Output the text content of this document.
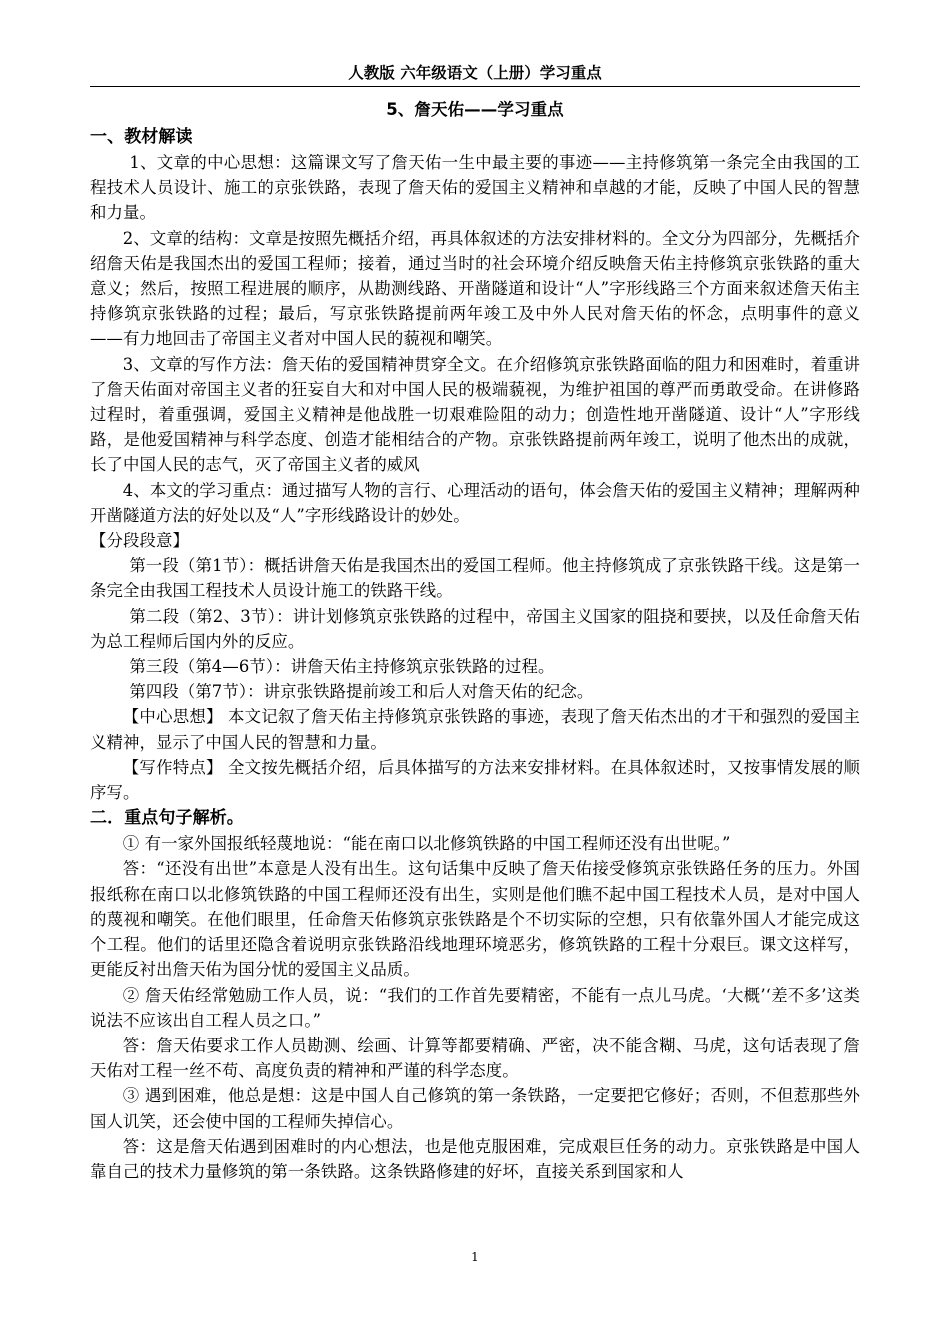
人教版 六年级语文（上册）学习重点
5、詹天佑——学习重点
一、教材解读

1、文章的中心思想：这篇课文写了詹天佑一生中最主要的事迹——主持修筑第一条完全由我国的工程技术人员设计、施工的京张铁路，表现了詹天佑的爱国主义精神和卓越的才能，反映了中国人民的智慧和力量。

2、文章的结构：文章是按照先概括介绍，再具体叙述的方法安排材料的。全文分为四部分，先概括介绍詹天佑是我国杰出的爱国工程师；接着，通过当时的社会环境介绍反映詹天佑主持修筑京张铁路的重大意义；然后，按照工程进展的顺序，从勘测线路、开凿隧道和设计“人”字形线路三个方面来叙述詹天佑主持修筑京张铁路的过程；最后，写京张铁路提前两年竣工及中外人民对詹天佑的怀念，点明事件的意义——有力地回击了帝国主义者对中国人民的藐视和嘲笑。

3、文章的写作方法：詹天佑的爱国精神贯穿全文。在介绍修筑京张铁路面临的阻力和困难时，着重讲了詹天佑面对帝国主义者的狂妄自大和对中国人民的极端藐视，为维护祖国的尊严而勇敢受命。在讲修路过程时，着重强调，爱国主义精神是他战胜一切艰难险阻的动力；创造性地开凿隧道、设计“人”字形线路，是他爱国精神与科学态度、创造才能相结合的产物。京张铁路提前两年竣工，说明了他杰出的成就，长了中国人民的志气，灭了帝国主义者的威风

4、本文的学习重点：通过描写人物的言行、心理活动的语句，体会詹天佑的爱国主义精神；理解两种开凿隧道方法的好处以及“人”字形线路设计的妙处。

【分段段意】

第一段（第1节）：概括讲詹天佑是我国杰出的爱国工程师。他主持修筑成了京张铁路干线。这是第一条完全由我国工程技术人员设计施工的铁路干线。

第二段（第2、3节）：讲计划修筑京张铁路的过程中，帝国主义国家的阻挠和要挟，以及任命詹天佑为总工程师后国内外的反应。

第三段（第4—6节）：讲詹天佑主持修筑京张铁路的过程。

第四段（第7节）：讲京张铁路提前竣工和后人对詹天佑的纪念。

【中心思想】 本文记叙了詹天佑主持修筑京张铁路的事迹，表现了詹天佑杰出的才干和强烈的爱国主义精神，显示了中国人民的智慧和力量。

【写作特点】 全文按先概括介绍，后具体描写的方法来安排材料。在具体叙述时，又按事情发展的顺序写。

二．重点句子解析。

① 有一家外国报纸轻蔑地说：“能在南口以北修筑铁路的中国工程师还没有出世呢。”

答：“还没有出世”本意是人没有出生。这句话集中反映了詹天佑接受修筑京张铁路任务的压力。外国报纸称在南口以北修筑铁路的中国工程师还没有出生，实则是他们瞧不起中国工程技术人员，是对中国人的蔑视和嘲笑。在他们眼里，任命詹天佑修筑京张铁路是个不切实际的空想，只有依靠外国人才能完成这个工程。他们的话里还隐含着说明京张铁路沿线地理环境恶劣，修筑铁路的工程十分艰巨。课文这样写，更能反衬出詹天佑为国分忧的爱国主义品质。

② 詹天佑经常勉励工作人员，说：“我们的工作首先要精密，不能有一点儿马虎。‘大概’‘差不多’这类说法不应该出自工程人员之口。”

答：詹天佑要求工作人员勘测、绘画、计算等都要精确、严密，决不能含糊、马虎，这句话表现了詹天佑对工程一丝不苟、高度负责的精神和严谨的科学态度。

③ 遇到困难，他总是想：这是中国人自己修筑的第一条铁路，一定要把它修好；否则，不但惹那些外国人讥笑，还会使中国的工程师失掉信心。

答：这是詹天佑遇到困难时的内心想法，也是他克服困难，完成艰巨任务的动力。京张铁路是中国人靠自己的技术力量修筑的第一条铁路。这条铁路修建的好坏，直接关系到国家和人

1
